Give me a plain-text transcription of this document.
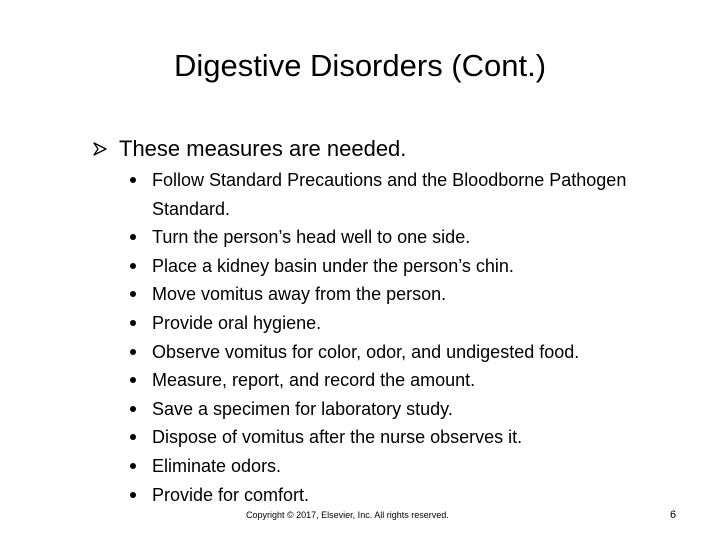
Digestive Disorders (Cont.)
These measures are needed.
Follow Standard Precautions and the Bloodborne Pathogen Standard.
Turn the person’s head well to one side.
Place a kidney basin under the person’s chin.
Move vomitus away from the person.
Provide oral hygiene.
Observe vomitus for color, odor, and undigested food.
Measure, report, and record the amount.
Save a specimen for laboratory study.
Dispose of vomitus after the nurse observes it.
Eliminate odors.
Provide for comfort.
Copyright © 2017, Elsevier, Inc. All rights reserved.	6
